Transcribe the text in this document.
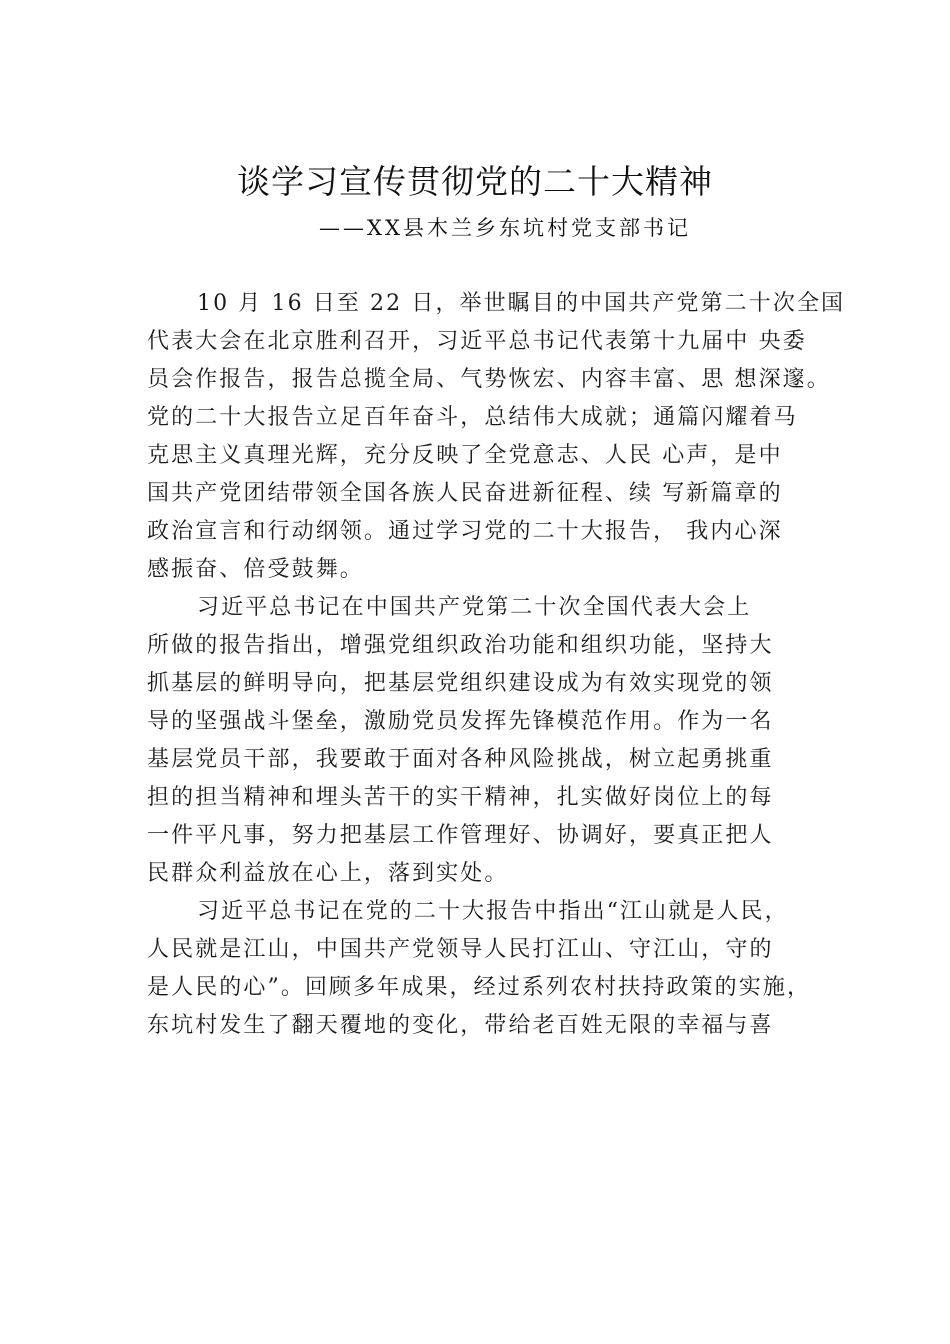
谈学习宣传贯彻党的二十大精神
——XX县木兰乡东坑村党支部书记

10 月 16 日至 22 日，举世瞩目的中国共产党第二十次全国

代表大会在北京胜利召开，习近平总书记代表第十九届中 央委

员会作报告，报告总揽全局、气势恢宏、内容丰富、思 想深邃。

党的二十大报告立足百年奋斗，总结伟大成就；通篇闪耀着马

克思主义真理光辉，充分反映了全党意志、人民 心声，是中

国共产党团结带领全国各族人民奋进新征程、续 写新篇章的

政治宣言和行动纲领。通过学习党的二十大报告， 我内心深

感振奋、倍受鼓舞。

习近平总书记在中国共产党第二十次全国代表大会上

所做的报告指出，增强党组织政治功能和组织功能，坚持大

抓基层的鲜明导向，把基层党组织建设成为有效实现党的领

导的坚强战斗堡垒，激励党员发挥先锋模范作用。作为一名

基层党员干部，我要敢于面对各种风险挑战，树立起勇挑重

担的担当精神和埋头苦干的实干精神，扎实做好岗位上的每

一件平凡事，努力把基层工作管理好、协调好，要真正把人

民群众利益放在心上，落到实处。

习近平总书记在党的二十大报告中指出“江山就是人民，

人民就是江山，中国共产党领导人民打江山、守江山，守的

是人民的心”。回顾多年成果，经过系列农村扶持政策的实施，

东坑村发生了翻天覆地的变化，带给老百姓无限的幸福与喜
